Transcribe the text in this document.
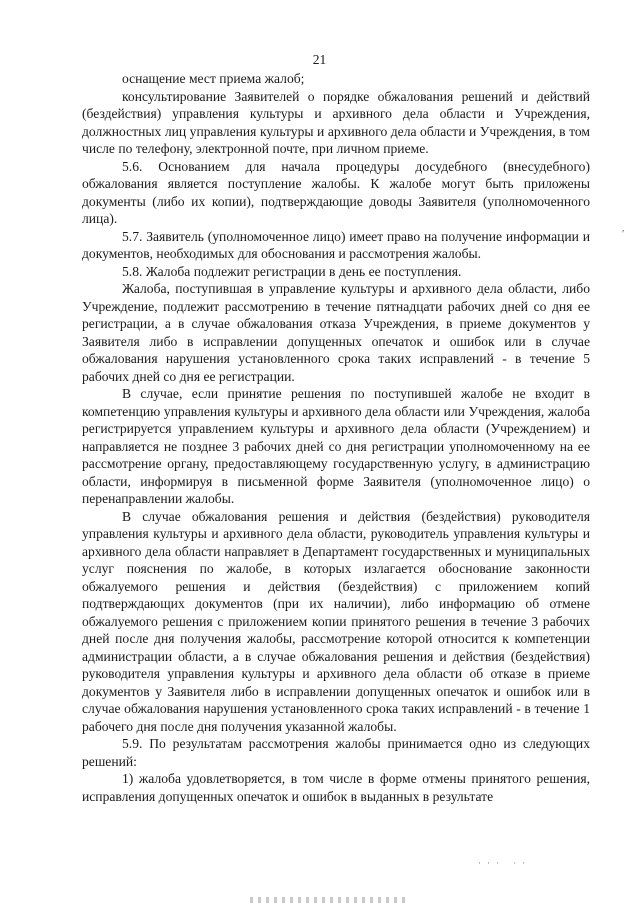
21
′

оснащение мест приема жалоб;

консультирование Заявителей о порядке обжалования решений и действий (бездействия) управления культуры и архивного дела области и Учреждения, должностных лиц управления культуры и архивного дела области и Учреждения, в том числе по телефону, электронной почте, при личном приеме.

5.6. Основанием для начала процедуры досудебного (внесудебного) обжалования является поступление жалобы. К жалобе могут быть приложены документы (либо их копии), подтверждающие доводы Заявителя (уполномоченного лица).

5.7. Заявитель (уполномоченное лицо) имеет право на получение информации и документов, необходимых для обоснования и рассмотрения жалобы.

5.8. Жалоба подлежит регистрации в день ее поступления.

Жалоба, поступившая в управление культуры и архивного дела области, либо Учреждение, подлежит рассмотрению в течение пятнадцати рабочих дней со дня ее регистрации, а в случае обжалования отказа Учреждения, в приеме документов у Заявителя либо в исправлении допущенных опечаток и ошибок или в случае обжалования нарушения установленного срока таких исправлений - в течение 5 рабочих дней со дня ее регистрации.

В случае, если принятие решения по поступившей жалобе не входит в компетенцию управления культуры и архивного дела области или Учреждения, жалоба регистрируется управлением культуры и архивного дела области (Учреждением) и направляется не позднее 3 рабочих дней со дня регистрации уполномоченному на ее рассмотрение органу, предоставляющему государственную услугу, в администрацию области, информируя в письменной форме Заявителя (уполномоченное лицо) о перенаправлении жалобы.

В случае обжалования решения и действия (бездействия) руководителя управления культуры и архивного дела области, руководитель управления культуры и архивного дела области направляет в Департамент государственных и муниципальных услуг пояснения по жалобе, в которых излагается обоснование законности обжалуемого решения и действия (бездействия) с приложением копий подтверждающих документов (при их наличии), либо информацию об отмене обжалуемого решения с приложением копии принятого решения в течение 3 рабочих дней после дня получения жалобы, рассмотрение которой относится к компетенции администрации области, а в случае обжалования решения и действия (бездействия) руководителя управления культуры и архивного дела области об отказе в приеме документов у Заявителя либо в исправлении допущенных опечаток и ошибок или в случае обжалования нарушения установленного срока таких исправлений - в течение 1 рабочего дня после дня получения указанной жалобы.

5.9. По результатам рассмотрения жалобы принимается одно из следующих решений:

1) жалоба удовлетворяется, в том числе в форме отмены принятого решения, исправления допущенных опечаток и ошибок в выданных в результате

··· ··
